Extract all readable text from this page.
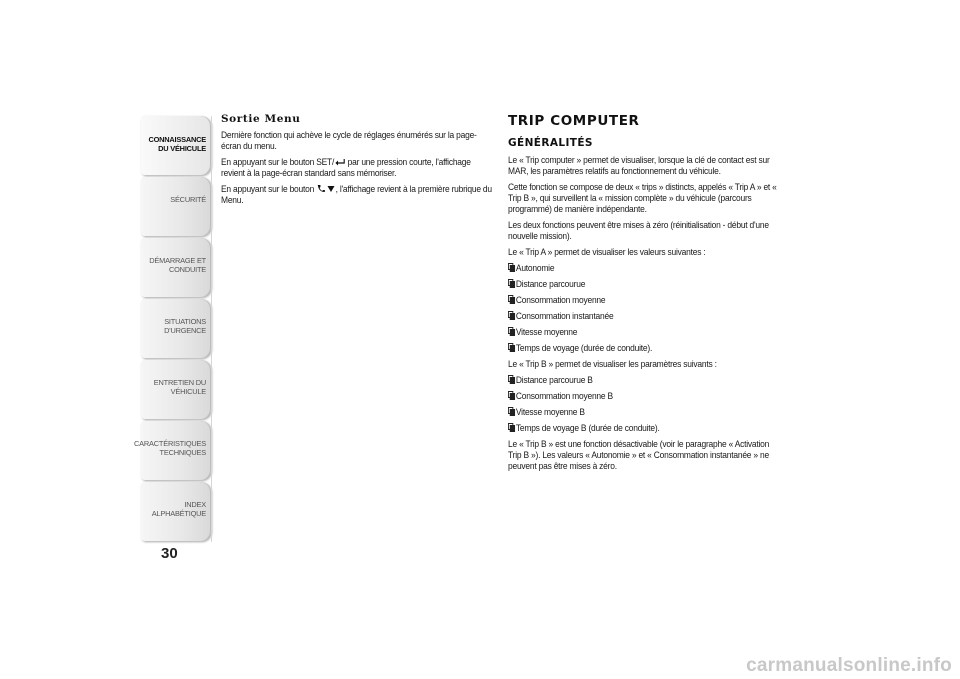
CONNAISSANCE
DU VÉHICULE
SÉCURITÉ
DÉMARRAGE ET
CONDUITE
SITUATIONS
D'URGENCE
ENTRETIEN DU
VÉHICULE
CARACTÉRISTIQUES
TECHNIQUES
INDEX
ALPHABÉTIQUE
30
Sortie Menu

Dernière fonction qui achève le cycle de réglages énumérés sur la page-écran du menu.

En appuyant sur le bouton SET/ par une pression courte, l'affichage revient à la page-écran standard sans mémoriser.

En appuyant sur le bouton , l'affichage revient à la première rubrique du Menu.

TRIP COMPUTER
GÉNÉRALITÉS

Le « Trip computer » permet de visualiser, lorsque la clé de contact est sur MAR, les paramètres relatifs au fonctionnement du véhicule.

Cette fonction se compose de deux « trips » distincts, appelés « Trip A » et « Trip B », qui surveillent la « mission complète » du véhicule (parcours programmé) de manière indépendante.

Les deux fonctions peuvent être mises à zéro (réinitialisation - début d'une nouvelle mission).

Le « Trip A » permet de visualiser les valeurs suivantes :

Autonomie

Distance parcourue

Consommation moyenne

Consommation instantanée

Vitesse moyenne

Temps de voyage (durée de conduite).

Le « Trip B » permet de visualiser les paramètres suivants :

Distance parcourue B

Consommation moyenne B

Vitesse moyenne B

Temps de voyage B (durée de conduite).

Le « Trip B » est une fonction désactivable (voir le paragraphe « Activation Trip B »). Les valeurs « Autonomie » et « Consommation instantanée » ne peuvent pas être mises à zéro.

carmanualsonline.info
